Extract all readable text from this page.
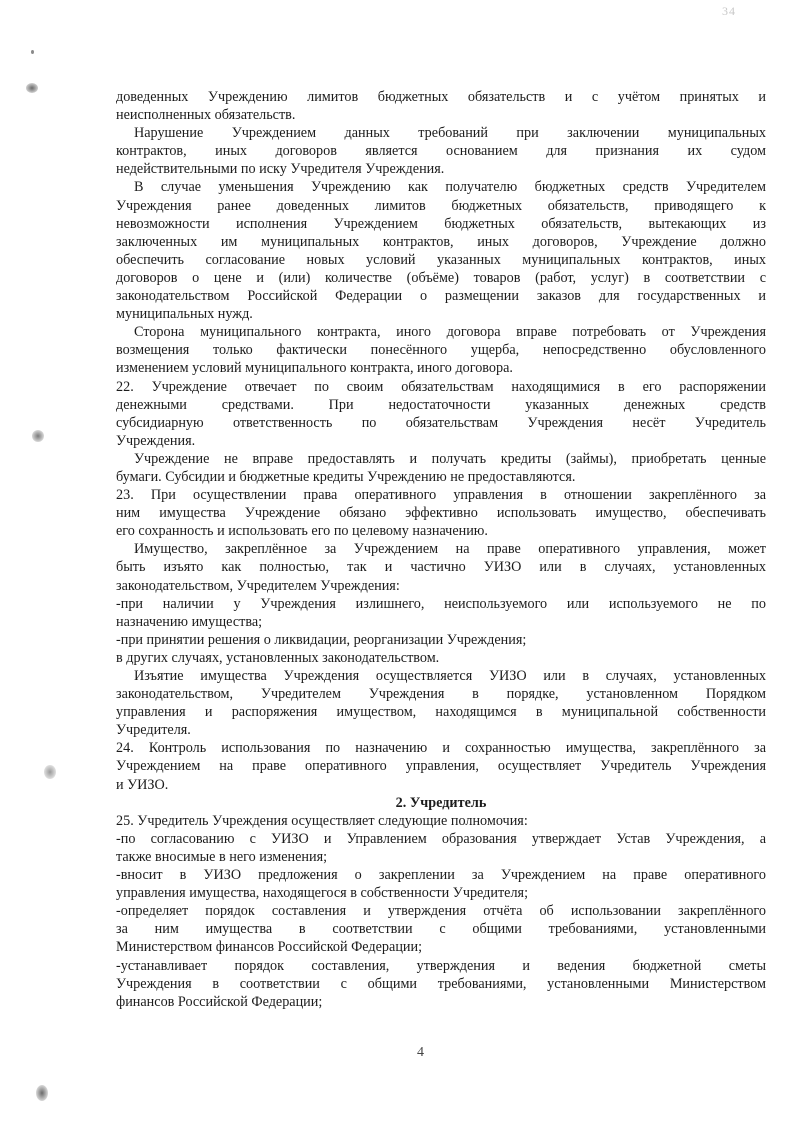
34
доведенных Учреждению лимитов бюджетных обязательств и с учётом принятых и
неисполненных обязательств.
Нарушение Учреждением данных требований при заключении муниципальных
контрактов, иных договоров является основанием для признания их судом
недействительными по иску Учредителя Учреждения.
В случае уменьшения Учреждению как получателю бюджетных средств Учредителем
Учреждения ранее доведенных лимитов бюджетных обязательств, приводящего к
невозможности исполнения Учреждением бюджетных обязательств, вытекающих из
заключенных им муниципальных контрактов, иных договоров, Учреждение должно
обеспечить согласование новых условий указанных муниципальных контрактов, иных
договоров о цене и (или) количестве (объёме) товаров (работ, услуг) в соответствии с
законодательством Российской Федерации о размещении заказов для государственных и
муниципальных нужд.
Сторона муниципального контракта, иного договора вправе потребовать от Учреждения
возмещения только фактически понесённого ущерба, непосредственно обусловленного
изменением условий муниципального контракта, иного договора.
22. Учреждение отвечает по своим обязательствам находящимися в его распоряжении
денежными средствами. При недостаточности указанных денежных средств
субсидиарную ответственность по обязательствам Учреждения несёт Учредитель
Учреждения.
Учреждение не вправе предоставлять и получать кредиты (займы), приобретать ценные
бумаги. Субсидии и бюджетные кредиты Учреждению не предоставляются.
23. При осуществлении права оперативного управления в отношении закреплённого за
ним имущества Учреждение обязано эффективно использовать имущество, обеспечивать
его сохранность и использовать его по целевому назначению.
Имущество, закреплённое за Учреждением на праве оперативного управления, может
быть изъято как полностью, так и частично УИЗО или в случаях, установленных
законодательством, Учредителем Учреждения:
-при наличии у Учреждения излишнего, неиспользуемого или используемого не по
назначению имущества;
-при принятии решения о ликвидации, реорганизации Учреждения;
в других случаях, установленных законодательством.
Изъятие имущества Учреждения осуществляется УИЗО или в случаях, установленных
законодательством, Учредителем Учреждения в порядке, установленном Порядком
управления и распоряжения имуществом, находящимся в муниципальной собственности
Учредителя.
24. Контроль использования по назначению и сохранностью имущества, закреплённого за
Учреждением на праве оперативного управления, осуществляет Учредитель Учреждения
и УИЗО.
2. Учредитель
25. Учредитель Учреждения осуществляет следующие полномочия:
-по согласованию с УИЗО и Управлением образования утверждает Устав Учреждения, а
также вносимые в него изменения;
-вносит в УИЗО предложения о закреплении за Учреждением на праве оперативного
управления имущества, находящегося в собственности Учредителя;
-определяет порядок составления и утверждения отчёта об использовании закреплённого
за ним имущества в соответствии с общими требованиями, установленными
Министерством финансов Российской Федерации;
-устанавливает порядок составления, утверждения и ведения бюджетной сметы
Учреждения в соответствии с общими требованиями, установленными Министерством
финансов Российской Федерации;
4
